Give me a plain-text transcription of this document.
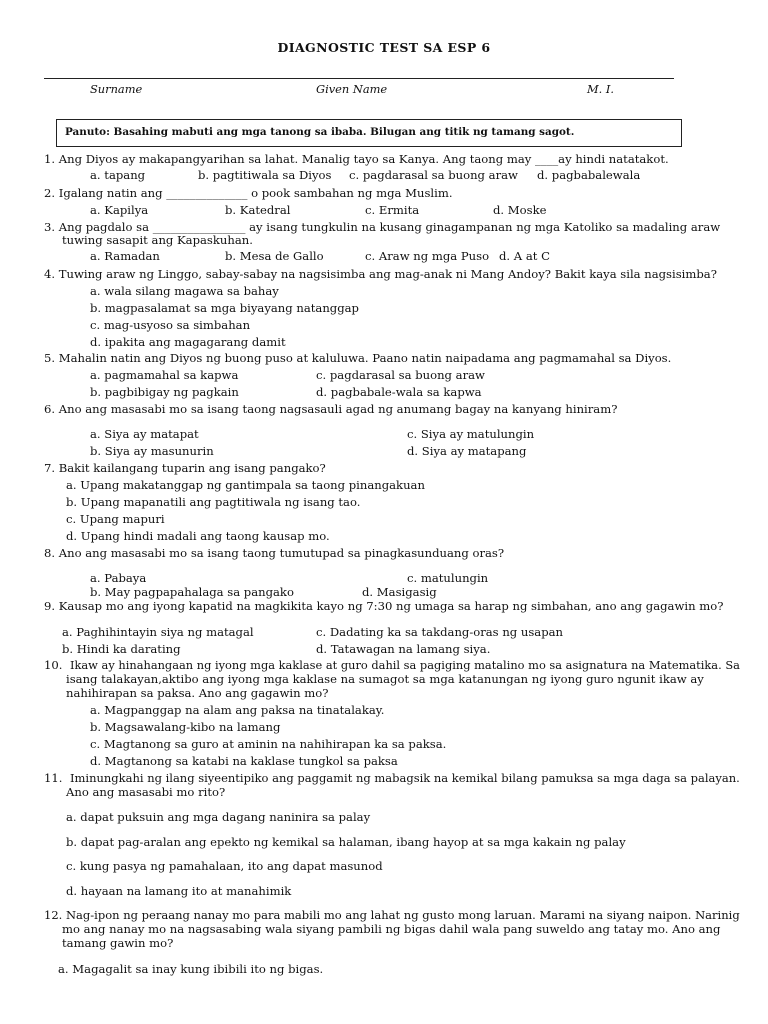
DIAGNOSTIC TEST SA ESP 6
Surname	Given Name	M. I.
Panuto: Basahing mabuti ang mga tanong sa ibaba. Bilugan ang titik ng tamang sagot.
1. Ang Diyos ay makapangyarihan sa lahat. Manalig tayo sa Kanya. Ang taong may ____ay hindi natatakot.
a. tapang	b. pagtitiwala sa Diyos c. pagdarasal sa buong araw d. pagbabalewala
2. Igalang natin ang ______________ o pook sambahan ng mga Muslim.
a. Kapilya	b. Katedral	c. Ermita	d. Moske
3. Ang pagdalo sa ________________ ay isang tungkulin na kusang ginagampanan ng mga Katoliko sa madaling araw
tuwing sasapit ang Kapaskuhan.
a. Ramadan	b. Mesa de Gallo	c. Araw ng mga Puso d. A at C
4. Tuwing araw ng Linggo, sabay-sabay na nagsisimba ang mag-anak ni Mang Andoy? Bakit kaya sila nagsisimba?
a. wala silang magawa sa bahay
b. magpasalamat sa mga biyayang natanggap
c. mag-usyoso sa simbahan
d. ipakita ang magagarang damit
5. Mahalin natin ang Diyos ng buong puso at kaluluwa. Paano natin naipadama ang pagmamahal sa Diyos.
a. pagmamahal sa kapwa	c. pagdarasal sa buong araw
b. pagbibigay ng pagkain	d. pagbabale-wala sa kapwa
6. Ano ang masasabi mo sa isang taong nagsasauli agad ng anumang bagay na kanyang hiniram?
a. Siya ay matapat	c. Siya ay matulungin
b. Siya ay masunurin	d. Siya ay matapang
7. Bakit kailangang tuparin ang isang pangako?
a. Upang makatanggap ng gantimpala sa taong pinangakuan
b. Upang mapanatili ang pagtitiwala ng isang tao.
c. Upang mapuri
d. Upang hindi madali ang taong kausap mo.
8. Ano ang masasabi mo sa isang taong tumutupad sa pinagkasunduang oras?
a. Pabaya	c. matulungin
b. May pagpapahalaga sa pangako	d. Masigasig
9. Kausap mo ang iyong kapatid na magkikita kayo ng 7:30 ng umaga sa harap ng simbahan, ano ang gagawin mo?
a. Paghihintayin siya ng matagal	c. Dadating ka sa takdang-oras ng usapan
b. Hindi ka darating	d. Tatawagan na lamang siya.
10. Ikaw ay hinahangaan ng iyong mga kaklase at guro dahil sa pagiging matalino mo sa asignatura na Matematika. Sa
isang talakayan,aktibo ang iyong mga kaklase na sumagot sa mga katanungan ng iyong guro ngunit ikaw ay
nahihirapan sa paksa. Ano ang gagawin mo?
a. Magpanggap na alam ang paksa na tinatalakay.
b. Magsawalang-kibo na lamang
c. Magtanong sa guro at aminin na nahihirapan ka sa paksa.
d. Magtanong sa katabi na kaklase tungkol sa paksa
11. Iminungkahi ng ilang siyeentipiko ang paggamit ng mabagsik na kemikal bilang pamuksa sa mga daga sa palayan.
Ano ang masasabi mo rito?
a. dapat puksuin ang mga dagang naninira sa palay
b. dapat pag-aralan ang epekto ng kemikal sa halaman, ibang hayop at sa mga kakain ng palay
c. kung pasya ng pamahalaan, ito ang dapat masunod
d. hayaan na lamang ito at manahimik
12. Nag-ipon ng peraang nanay mo para mabili mo ang lahat ng gusto mong laruan. Marami na siyang naipon. Narinig
mo ang nanay mo na nagsasabing wala siyang pambili ng bigas dahil wala pang suweldo ang tatay mo. Ano ang
tamang gawin mo?
a. Magagalit sa inay kung ibibili ito ng bigas.
